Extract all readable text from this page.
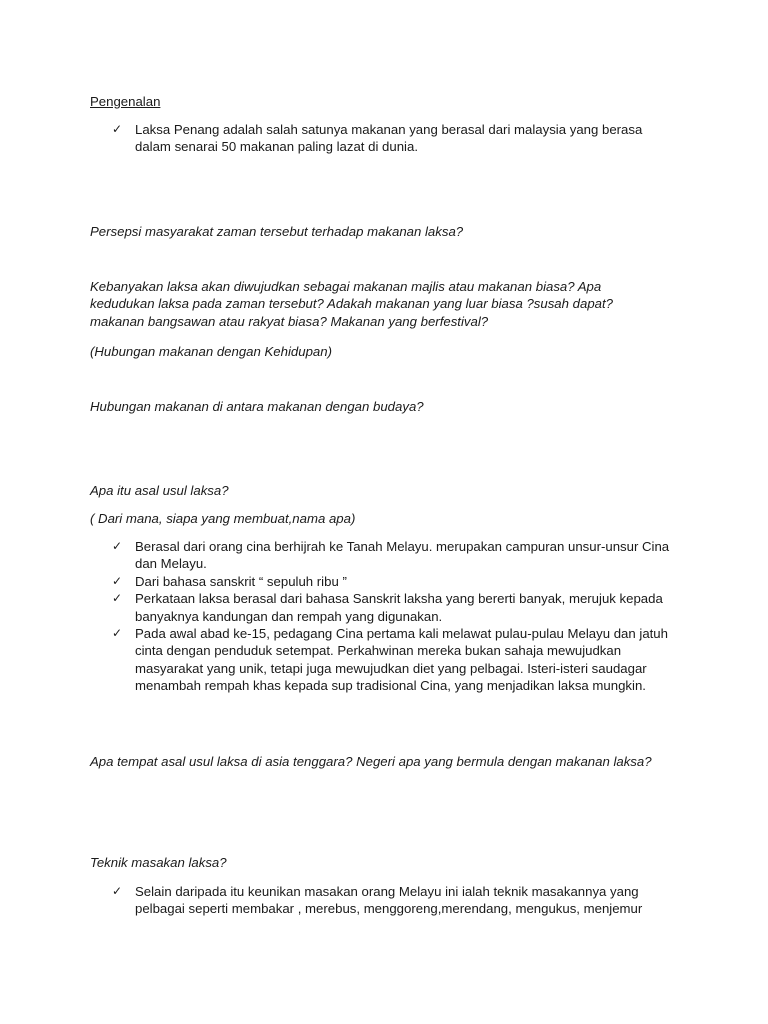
Pengenalan
✓ Laksa Penang adalah salah satunya makanan yang berasal dari malaysia yang berasa dalam senarai 50 makanan paling lazat di dunia.
Persepsi masyarakat zaman tersebut terhadap makanan laksa?
Kebanyakan laksa akan diwujudkan sebagai makanan majlis atau makanan biasa? Apa kedudukan laksa pada zaman tersebut? Adakah makanan yang luar biasa ?susah dapat? makanan bangsawan atau rakyat biasa? Makanan yang berfestival?
(Hubungan makanan dengan Kehidupan)
Hubungan makanan di antara makanan dengan budaya?
Apa itu asal usul laksa?
( Dari mana, siapa yang membuat,nama apa)
✓ Berasal dari orang cina berhijrah ke Tanah Melayu. merupakan campuran unsur-unsur Cina dan Melayu.
✓ Dari bahasa sanskrit “ sepuluh ribu ”
✓ Perkataan laksa berasal dari bahasa Sanskrit laksha yang bererti banyak, merujuk kepada banyaknya kandungan dan rempah yang digunakan.
✓ Pada awal abad ke-15, pedagang Cina pertama kali melawat pulau-pulau Melayu dan jatuh cinta dengan penduduk setempat. Perkahwinan mereka bukan sahaja mewujudkan masyarakat yang unik, tetapi juga mewujudkan diet yang pelbagai. Isteri-isteri saudagar menambah rempah khas kepada sup tradisional Cina, yang menjadikan laksa mungkin.
Apa tempat asal usul laksa di asia tenggara? Negeri apa yang bermula dengan makanan laksa?
Teknik masakan laksa?
✓ Selain daripada itu keunikan masakan orang Melayu ini ialah teknik masakannya yang pelbagai seperti membakar , merebus, menggoreng,merendang, mengukus, menjemur
